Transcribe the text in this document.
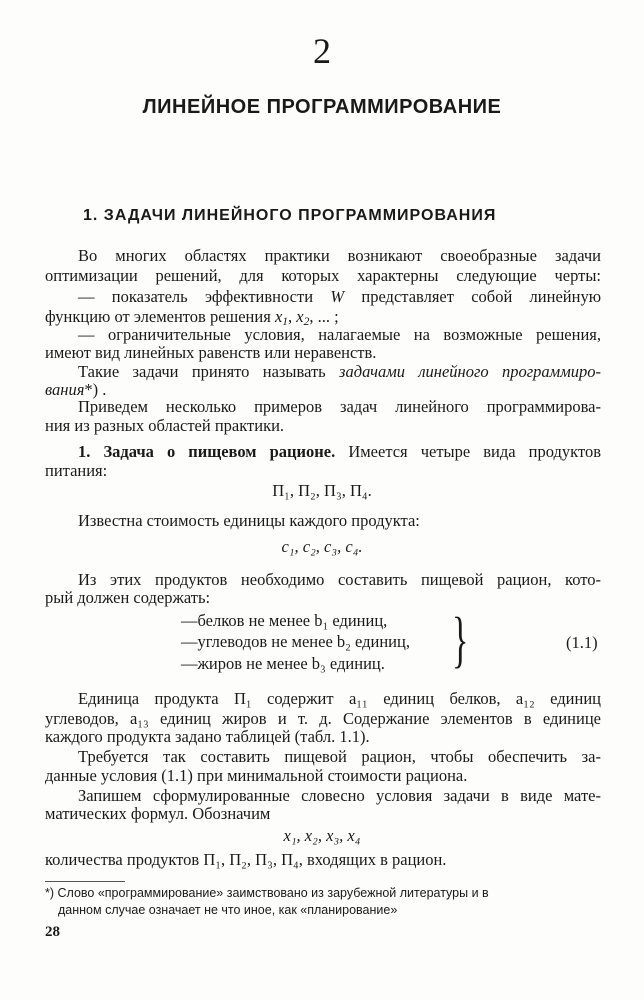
2
ЛИНЕЙНОЕ ПРОГРАММИРОВАНИЕ
1. ЗАДАЧИ ЛИНЕЙНОГО ПРОГРАММИРОВАНИЯ
Во многих областях практики возникают своеобразные задачи
оптимизации решений, для которых характерны следующие черты:
— показатель эффективности W представляет собой линейную
функцию от элементов решения $x_1$, $x_2$, ... ;
— ограничительные условия, налагаемые на возможные решения,
имеют вид линейных равенств или неравенств.
Такие задачи принято называть задачами линейного программиро-
вания*) .
Приведем несколько примеров задач линейного программирова-
ния из разных областей практики.
1. Задача о пищевом рационе. Имеется четыре вида продуктов
питания:
П₁, П₂, П₃, П₄.
Известна стоимость единицы каждого продукта:
c₁, c₂, c₃, c₄.
Из этих продуктов необходимо составить пищевой рацион, кото-
рый должен содержать:
—белков не менее b₁ единиц,
—углеводов не менее b₂ единиц,
—жиров не менее b₃ единиц. }	(1.1)
Единица продукта П₁ содержит a₁₁ единиц белков, a₁₂ единиц
углеводов, a₁₃ единиц жиров и т. д. Содержание элементов в единице
каждого продукта задано таблицей (табл. 1.1).
Требуется так составить пищевой рацион, чтобы обеспечить за-
данные условия (1.1) при минимальной стоимости рациона.
Запишем сформулированные словесно условия задачи в виде мате-
матических формул. Обозначим
x₁, x₂, x₃, x₄
количества продуктов П₁, П₂, П₃, П₄, входящих в рацион.
*) Слово «программирование» заимствовано из зарубежной литературы и в
данном случае означает не что иное, как «планирование»
28
